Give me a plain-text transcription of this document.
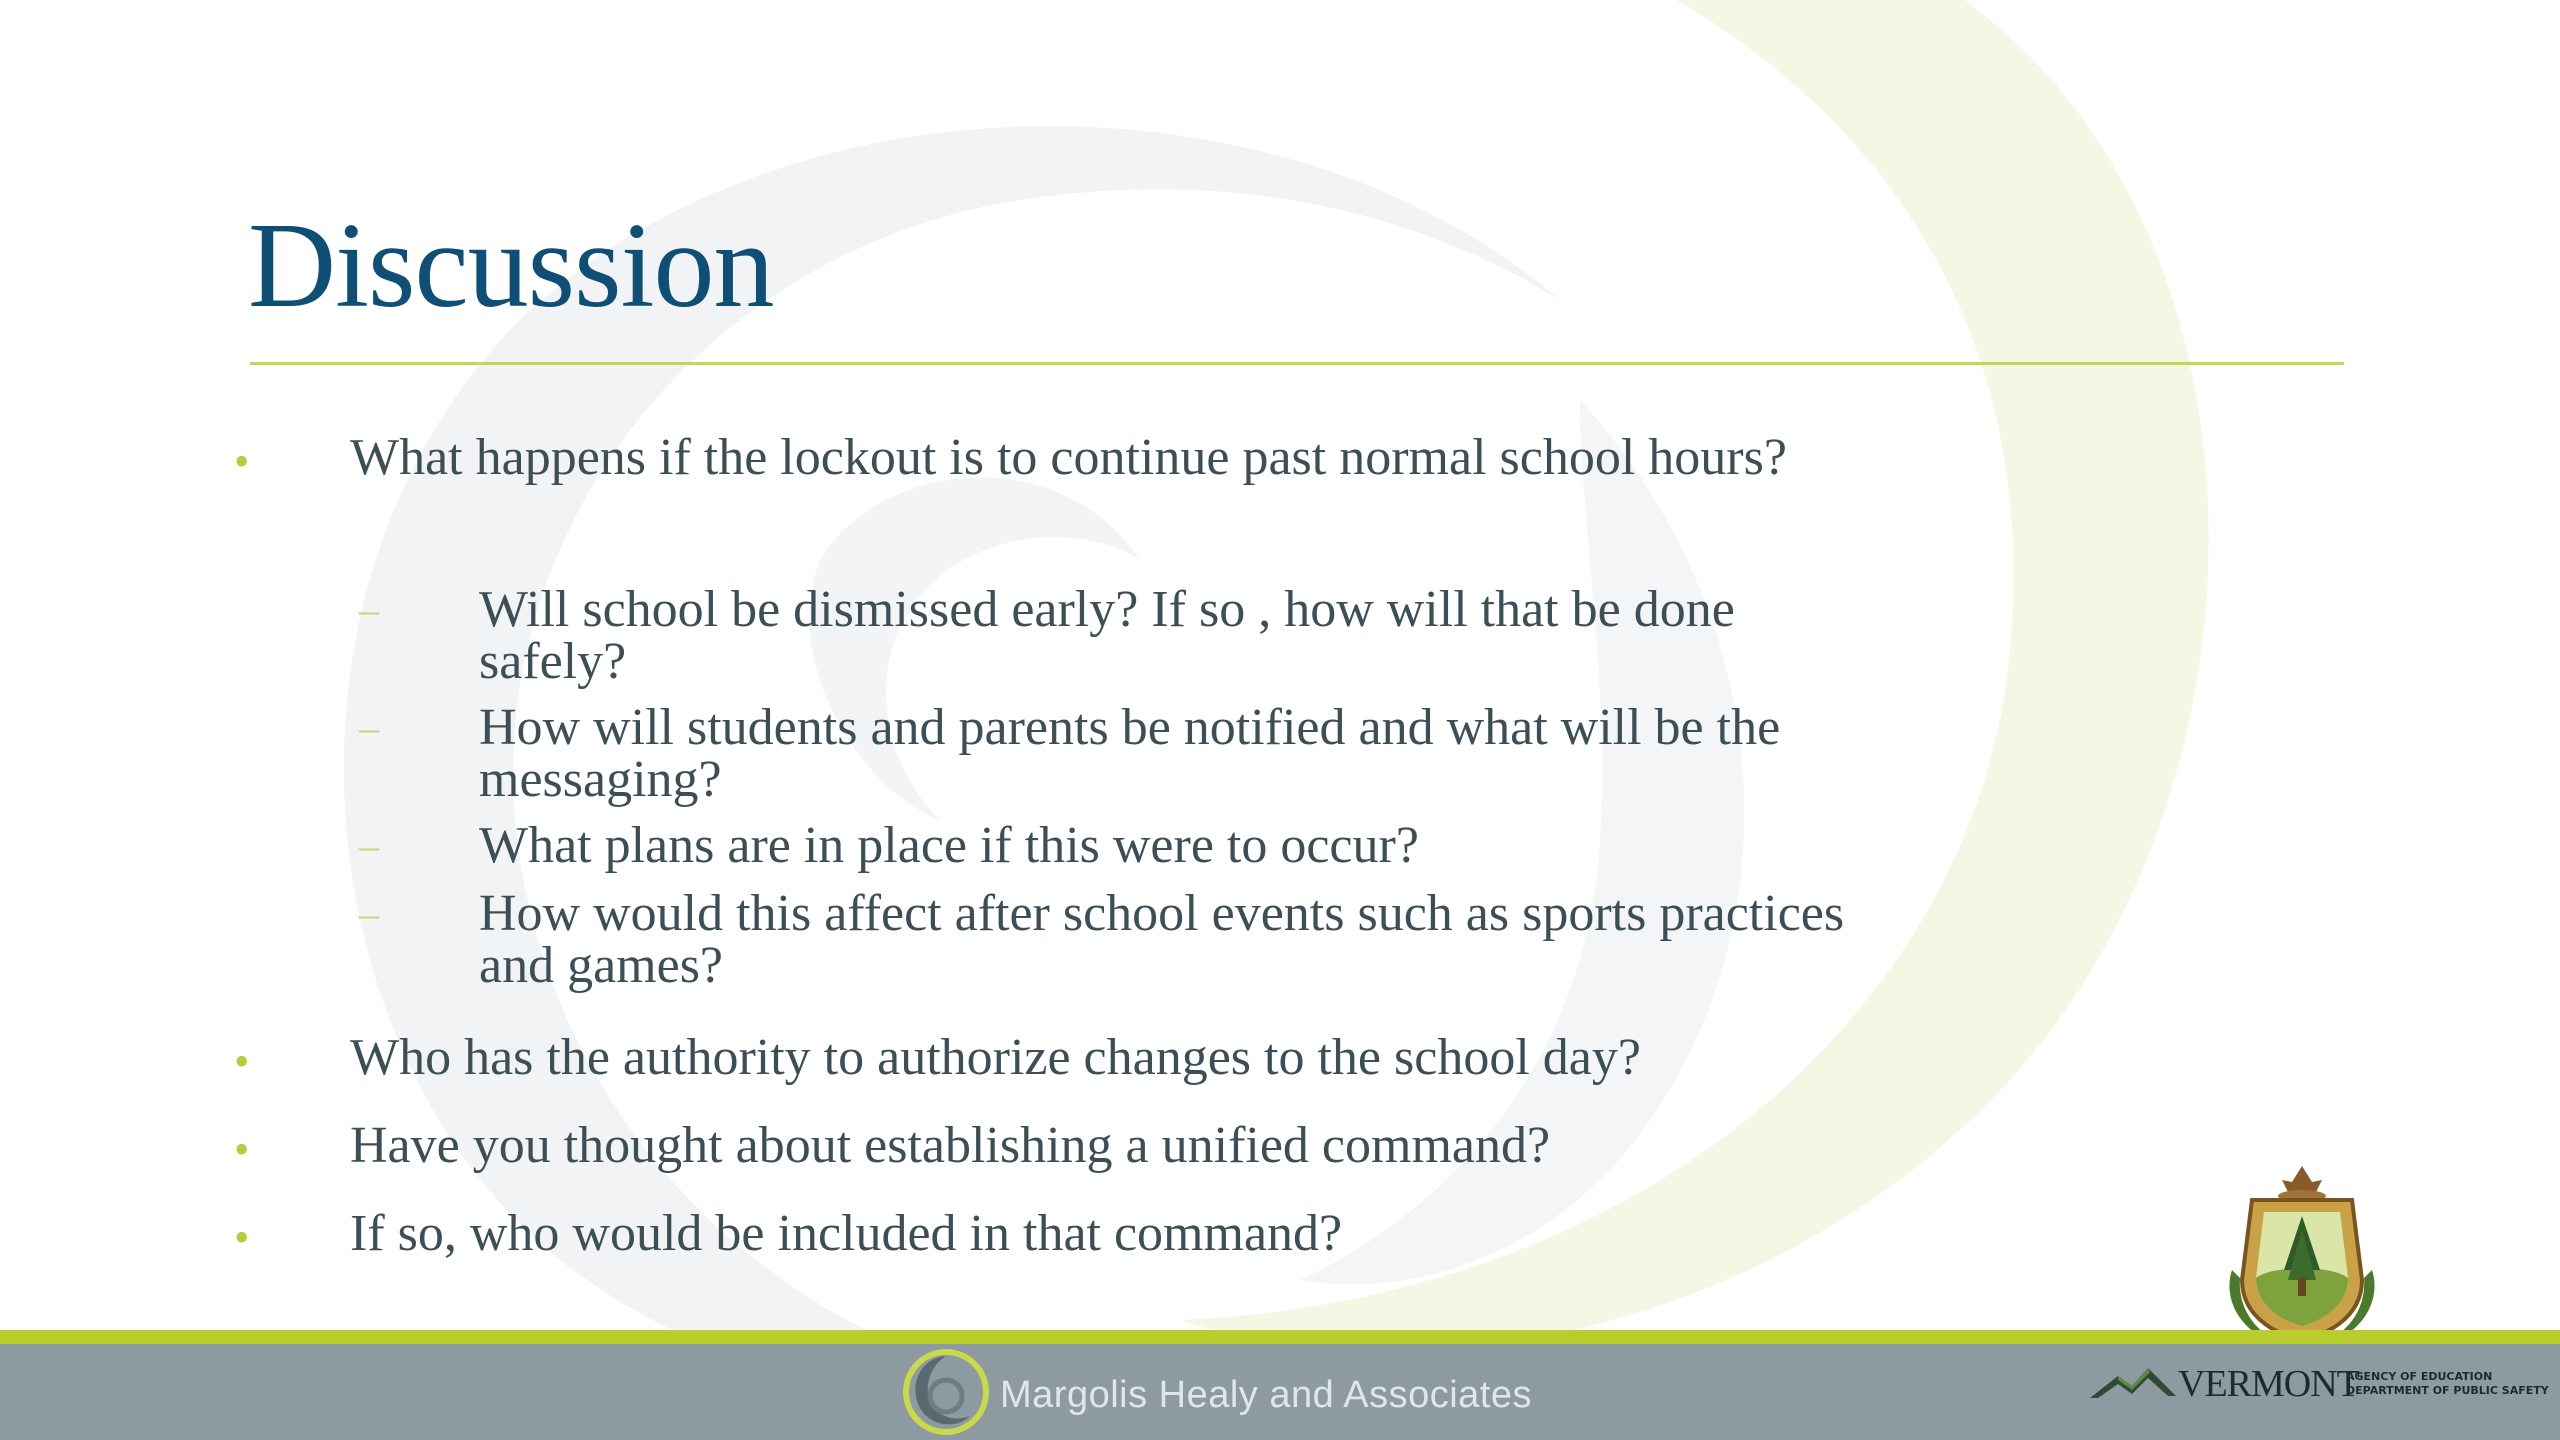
Discussion
• What happens if the lockout is to continue past normal school hours?
– Will school be dismissed early? If so , how will that be done
safely?
– How will students and parents be notified and what will be the
messaging?
– What plans are in place if this were to occur?
– How would this affect after school events such as sports practices
and games?
• Who has the authority to authorize changes to the school day?
• Have you thought about establishing a unified command?
• If so, who would be included in that command?
Margolis Healy and Associates	VERMONT
AGENCY OF EDUCATION
DEPARTMENT OF PUBLIC SAFETY
